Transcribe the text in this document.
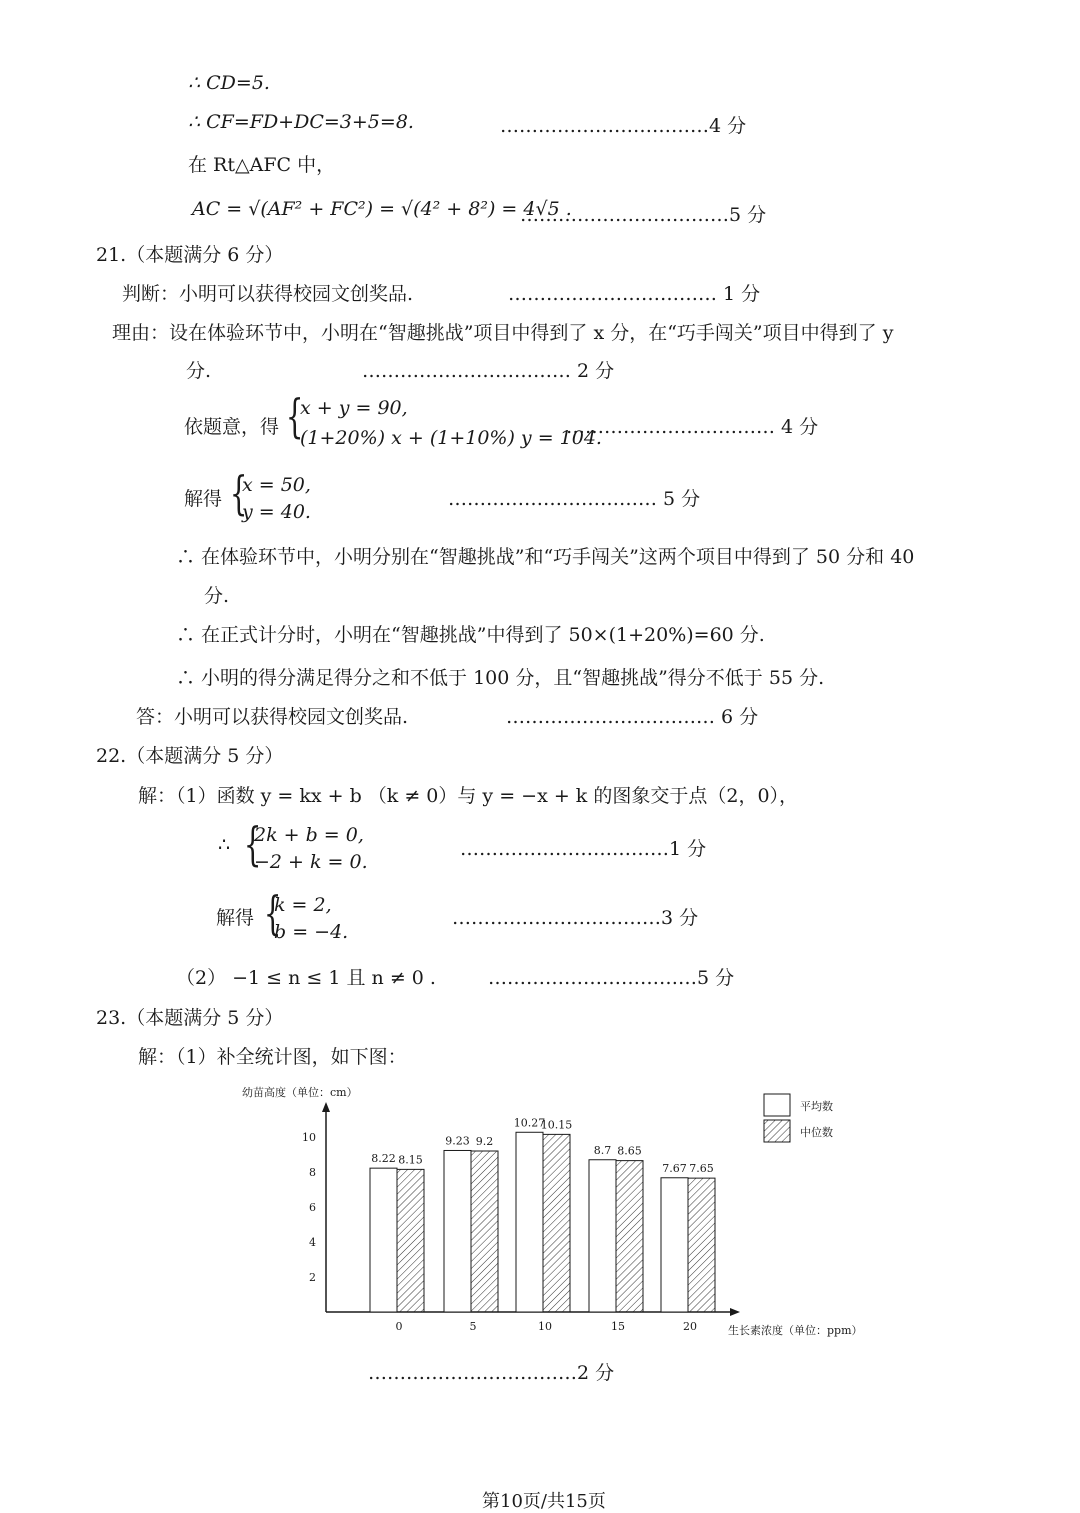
∴ CD=5.
∴ CF=FD+DC=3+5=8.	……………………………4 分
在 Rt△AFC 中，
AC = √(AF² + FC²) = √(4² + 8²) = 4√5 .
……………………………5 分
21.（本题满分 6 分）
判断：小明可以获得校园文创奖品.	…………………………… 1 分
理由：设在体验环节中，小明在“智趣挑战”项目中得到了 x 分，在“巧手闯关”项目中得到了 y
分.	…………………………… 2 分
依题意，得 {
x + y = 90,
(1+20%) x + (1+10%) y = 104.
…………………………… 4 分
解得 {
x = 50,
y = 40.
…………………………… 5 分
∴ 在体验环节中，小明分别在“智趣挑战”和“巧手闯关”这两个项目中得到了 50 分和 40
分.
∴ 在正式计分时，小明在“智趣挑战”中得到了 50×(1+20%)=60 分.
∴ 小明的得分满足得分之和不低于 100 分，且“智趣挑战”得分不低于 55 分.
答：小明可以获得校园文创奖品.	…………………………… 6 分
22.（本题满分 5 分）
解：（1）函数 y = kx + b （k ≠ 0）与 y = −x + k 的图象交于点（2，0），
∴ {
2k + b = 0,
−2 + k = 0.
……………………………1 分
解得 {
k = 2,
b = −4.
……………………………3 分
（2） −1 ≤ n ≤ 1 且 n ≠ 0 .	……………………………5 分
23.（本题满分 5 分）
解：（1）补全统计图，如下图：
幼苗高度（单位：cm）
生长素浓度（单位：ppm）
2
4
6
8
10
8.22 8.15
0
9.23 9.2
5
10.27
10.15
10
8.7 8.65
15
7.67 7.65
20
平均数
中位数
……………………………2 分
第10页/共15页
